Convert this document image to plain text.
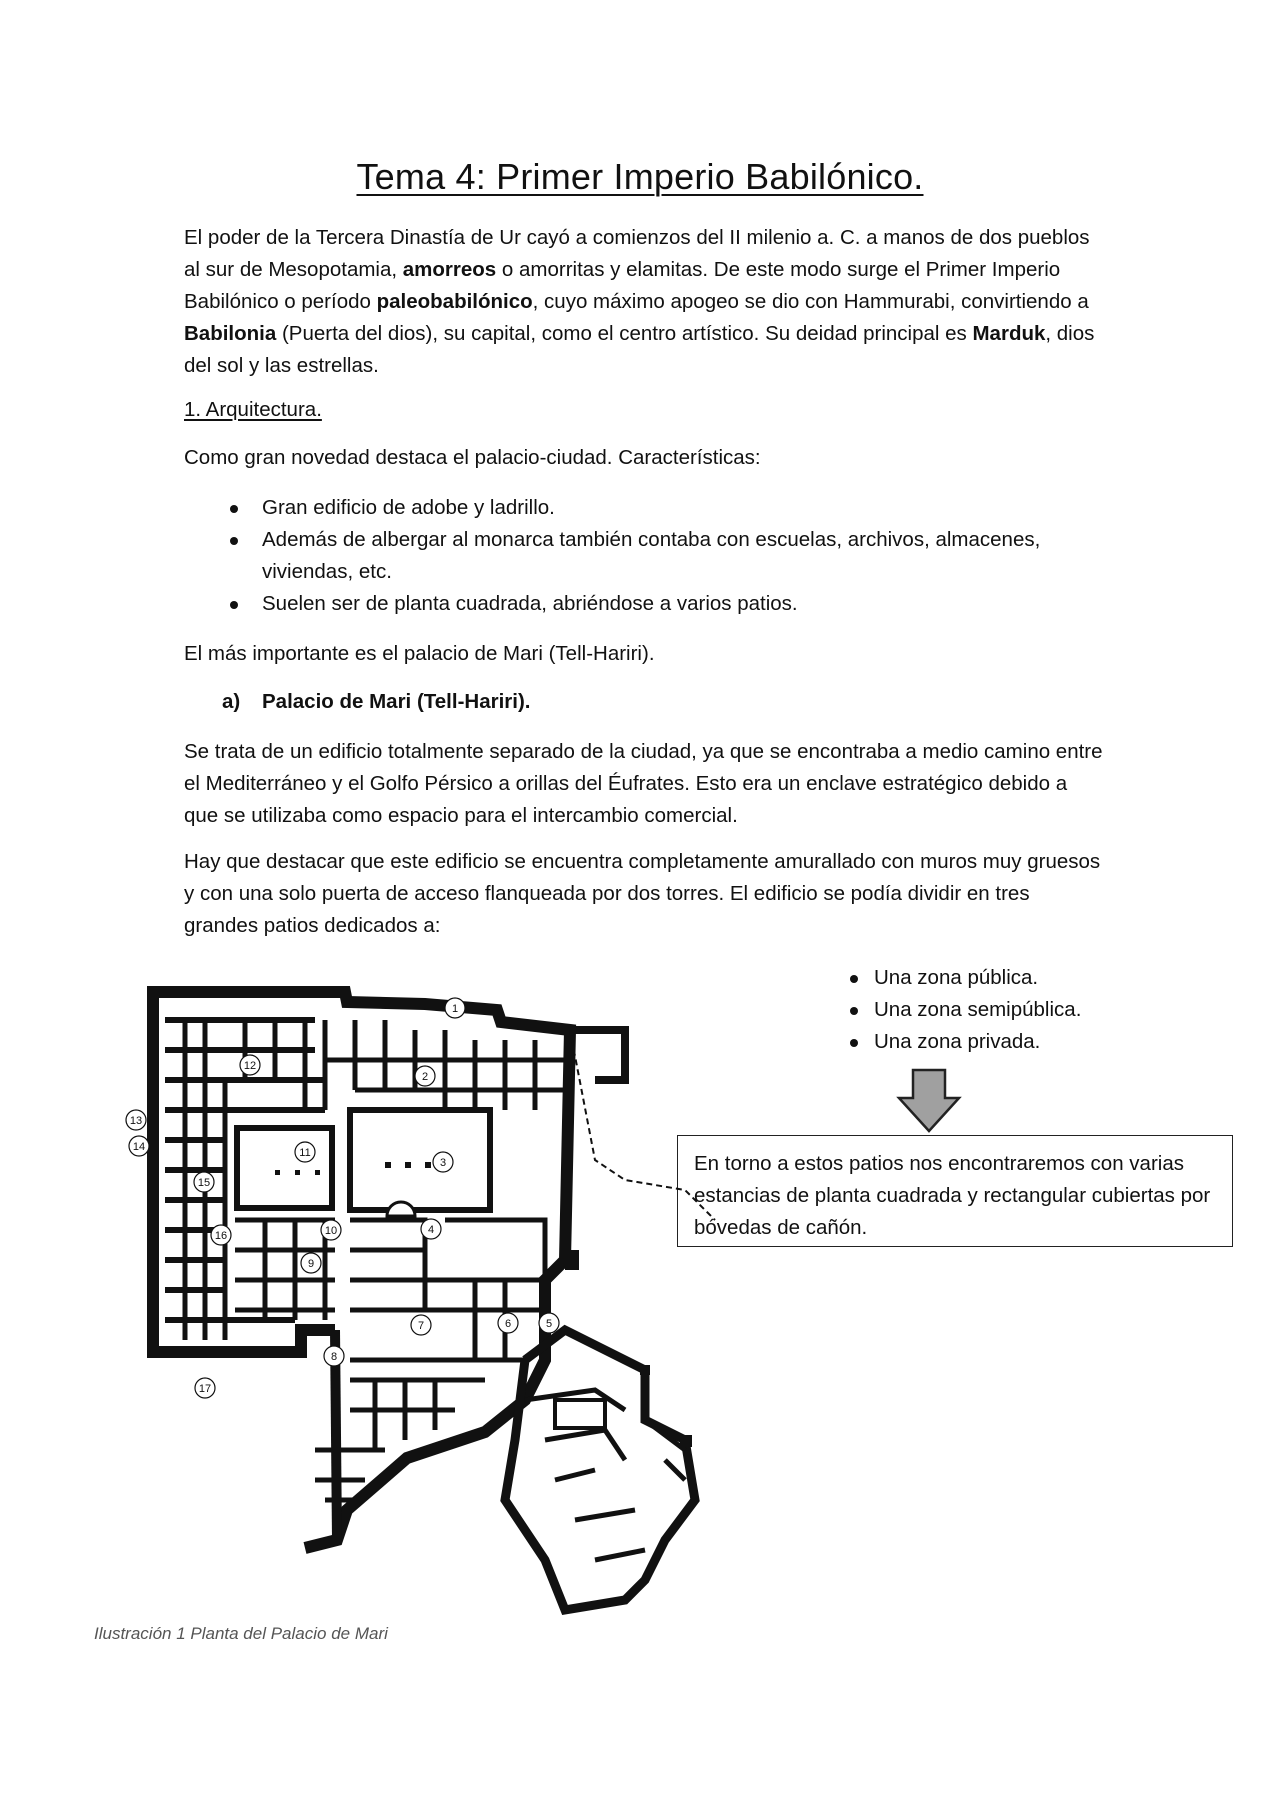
Tema 4: Primer Imperio Babilónico.

El poder de la Tercera Dinastía de Ur cayó a comienzos del II milenio a. C. a manos de dos pueblos al sur de Mesopotamia, amorreos o amorritas y elamitas. De este modo surge el Primer Imperio Babilónico o período paleobabilónico, cuyo máximo apogeo se dio con Hammurabi, convirtiendo a Babilonia (Puerta del dios), su capital, como el centro artístico. Su deidad principal es Marduk, dios del sol y las estrellas.

1. Arquitectura.

Como gran novedad destaca el palacio-ciudad. Características:

Gran edificio de adobe y ladrillo.
Además de albergar al monarca también contaba con escuelas, archivos, almacenes, viviendas, etc.
Suelen ser de planta cuadrada, abriéndose a varios patios.

El más importante es el palacio de Mari (Tell-Hariri).

a) Palacio de Mari (Tell-Hariri).

Se trata de un edificio totalmente separado de la ciudad, ya que se encontraba a medio camino entre el Mediterráneo y el Golfo Pérsico a orillas del Éufrates. Esto era un enclave estratégico debido a que se utilizaba como espacio para el intercambio comercial.

Hay que destacar que este edificio se encuentra completamente amurallado con muros muy gruesos y con una solo puerta de acceso flanqueada por dos torres. El edificio se podía dividir en tres grandes patios dedicados a:

Una zona pública.
Una zona semipública.
Una zona privada.
En torno a estos patios nos encontraremos con varias estancias de planta cuadrada y rectangular cubiertas por bóvedas de cañón.
1
2
3
4
5
6
7
8
9
10
11
12
13
14
15
16
17
Ilustración 1 Planta del Palacio de Mari
